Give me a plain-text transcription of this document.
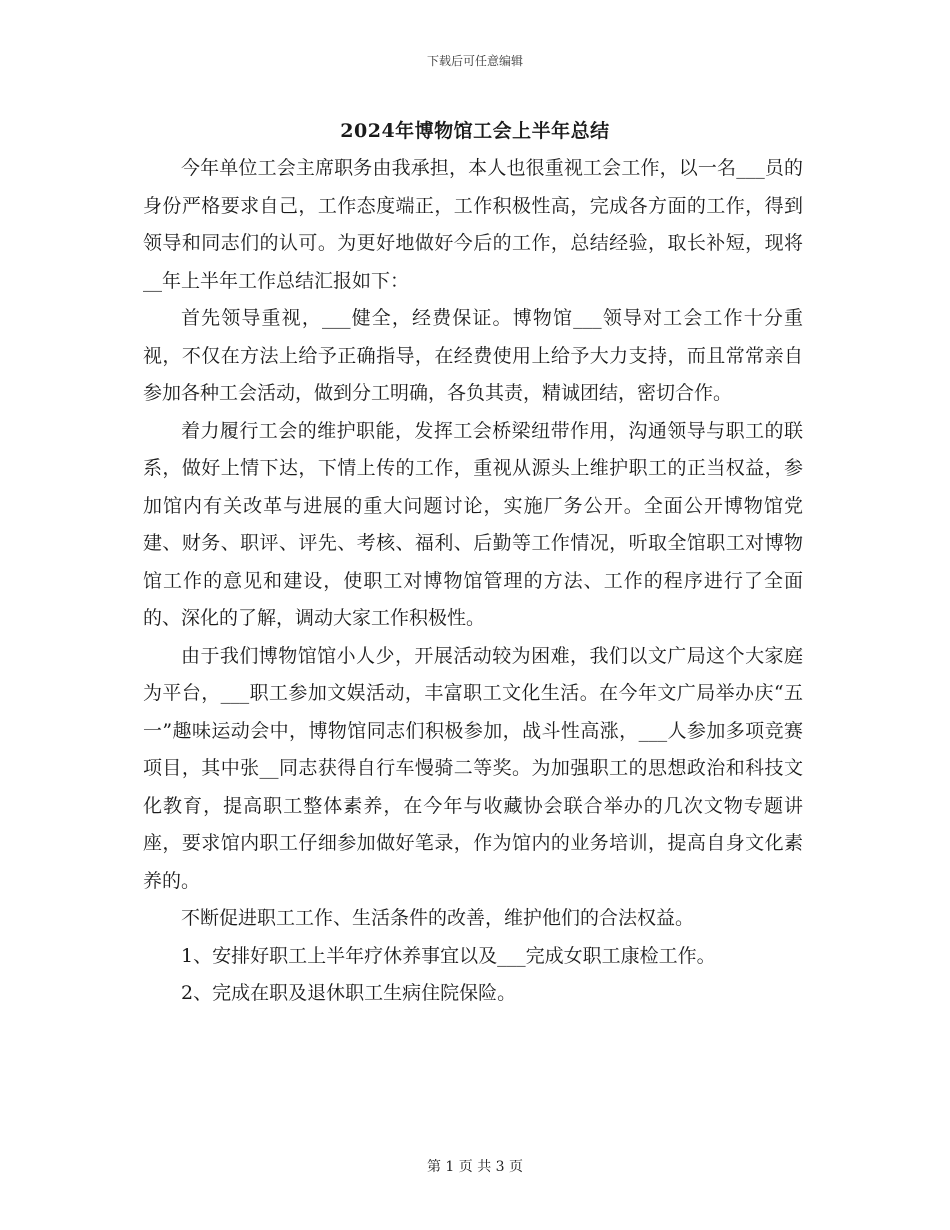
下载后可任意编辑
2024年博物馆工会上半年总结

今年单位工会主席职务由我承担，本人也很重视工会工作，以一名___员的身份严格要求自己，工作态度端正，工作积极性高，完成各方面的工作，得到领导和同志们的认可。为更好地做好今后的工作，总结经验，取长补短，现将__年上半年工作总结汇报如下：

首先领导重视，___健全，经费保证。博物馆___领导对工会工作十分重视，不仅在方法上给予正确指导，在经费使用上给予大力支持，而且常常亲自参加各种工会活动，做到分工明确，各负其责，精诚团结，密切合作。

着力履行工会的维护职能，发挥工会桥梁纽带作用，沟通领导与职工的联系，做好上情下达，下情上传的工作，重视从源头上维护职工的正当权益，参加馆内有关改革与进展的重大问题讨论，实施厂务公开。全面公开博物馆党建、财务、职评、评先、考核、福利、后勤等工作情况，听取全馆职工对博物馆工作的意见和建设，使职工对博物馆管理的方法、工作的程序进行了全面的、深化的了解，调动大家工作积极性。

由于我们博物馆馆小人少，开展活动较为困难，我们以文广局这个大家庭为平台，___职工参加文娱活动，丰富职工文化生活。在今年文广局举办庆“五一”趣味运动会中，博物馆同志们积极参加，战斗性高涨，___人参加多项竞赛项目，其中张__同志获得自行车慢骑二等奖。为加强职工的思想政治和科技文化教育，提高职工整体素养，在今年与收藏协会联合举办的几次文物专题讲座，要求馆内职工仔细参加做好笔录，作为馆内的业务培训，提高自身文化素养的。

不断促进职工工作、生活条件的改善，维护他们的合法权益。

1、安排好职工上半年疗休养事宜以及___完成女职工康检工作。

2、完成在职及退休职工生病住院保险。

第 1 页 共 3 页
